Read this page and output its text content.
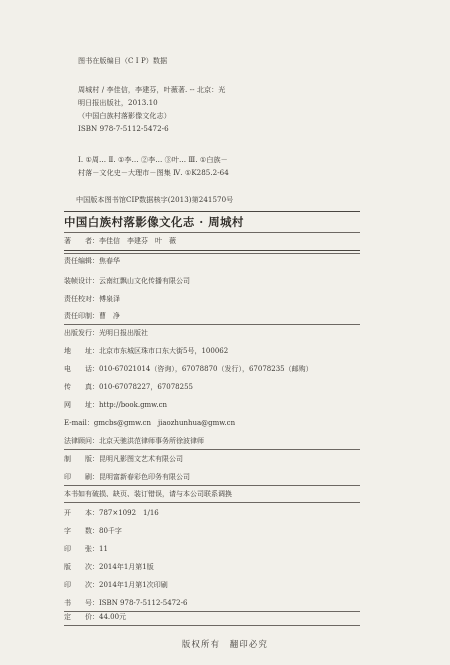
图书在版编目（C I P）数据
周城村 / 李佳信，李建芬，叶薇著. -- 北京：光
明日报出版社，2013.10
（中国白族村落影像文化志）
ISBN 978-7-5112-5472-6
Ⅰ. ①周… Ⅱ. ①李… ②李… ③叶… Ⅲ. ①白族－
村落－文化史－大理市－图集 Ⅳ. ①K285.2-64
中国版本图书馆CIP数据核字(2013)第241570号
中国白族村落影像文化志 · 周城村
著　　者：李佳信　李建芬　叶　薇
责任编辑：焦春华
装帧设计：云南红飘山文化传播有限公司
责任校对：傅泉泽
责任印制：曹　净
出版发行：光明日报出版社
地　　址：北京市东城区珠市口东大街5号，100062
电　　话：010-67021014（咨询），67078870（发行），67078235（邮购）
传　　真：010-67078227，67078255
网　　址：http://book.gmw.cn
E-mail：gmcbs@gmw.cn　jiaozhunhua@gmw.cn
法律顾问：北京天驰洪范律师事务所徐波律师
制　　版：昆明凡影图文艺术有限公司
印　　刷：昆明富新春彩色印务有限公司
本书如有破损、缺页、装订错误，请与本公司联系调换
开　　本：787×1092　1/16
字　　数：80千字
印　　张：11
版　　次：2014年1月第1版
印　　次：2014年1月第1次印刷
书　　号：ISBN 978-7-5112-5472-6
定　　价：44.00元
版权所有　翻印必究
